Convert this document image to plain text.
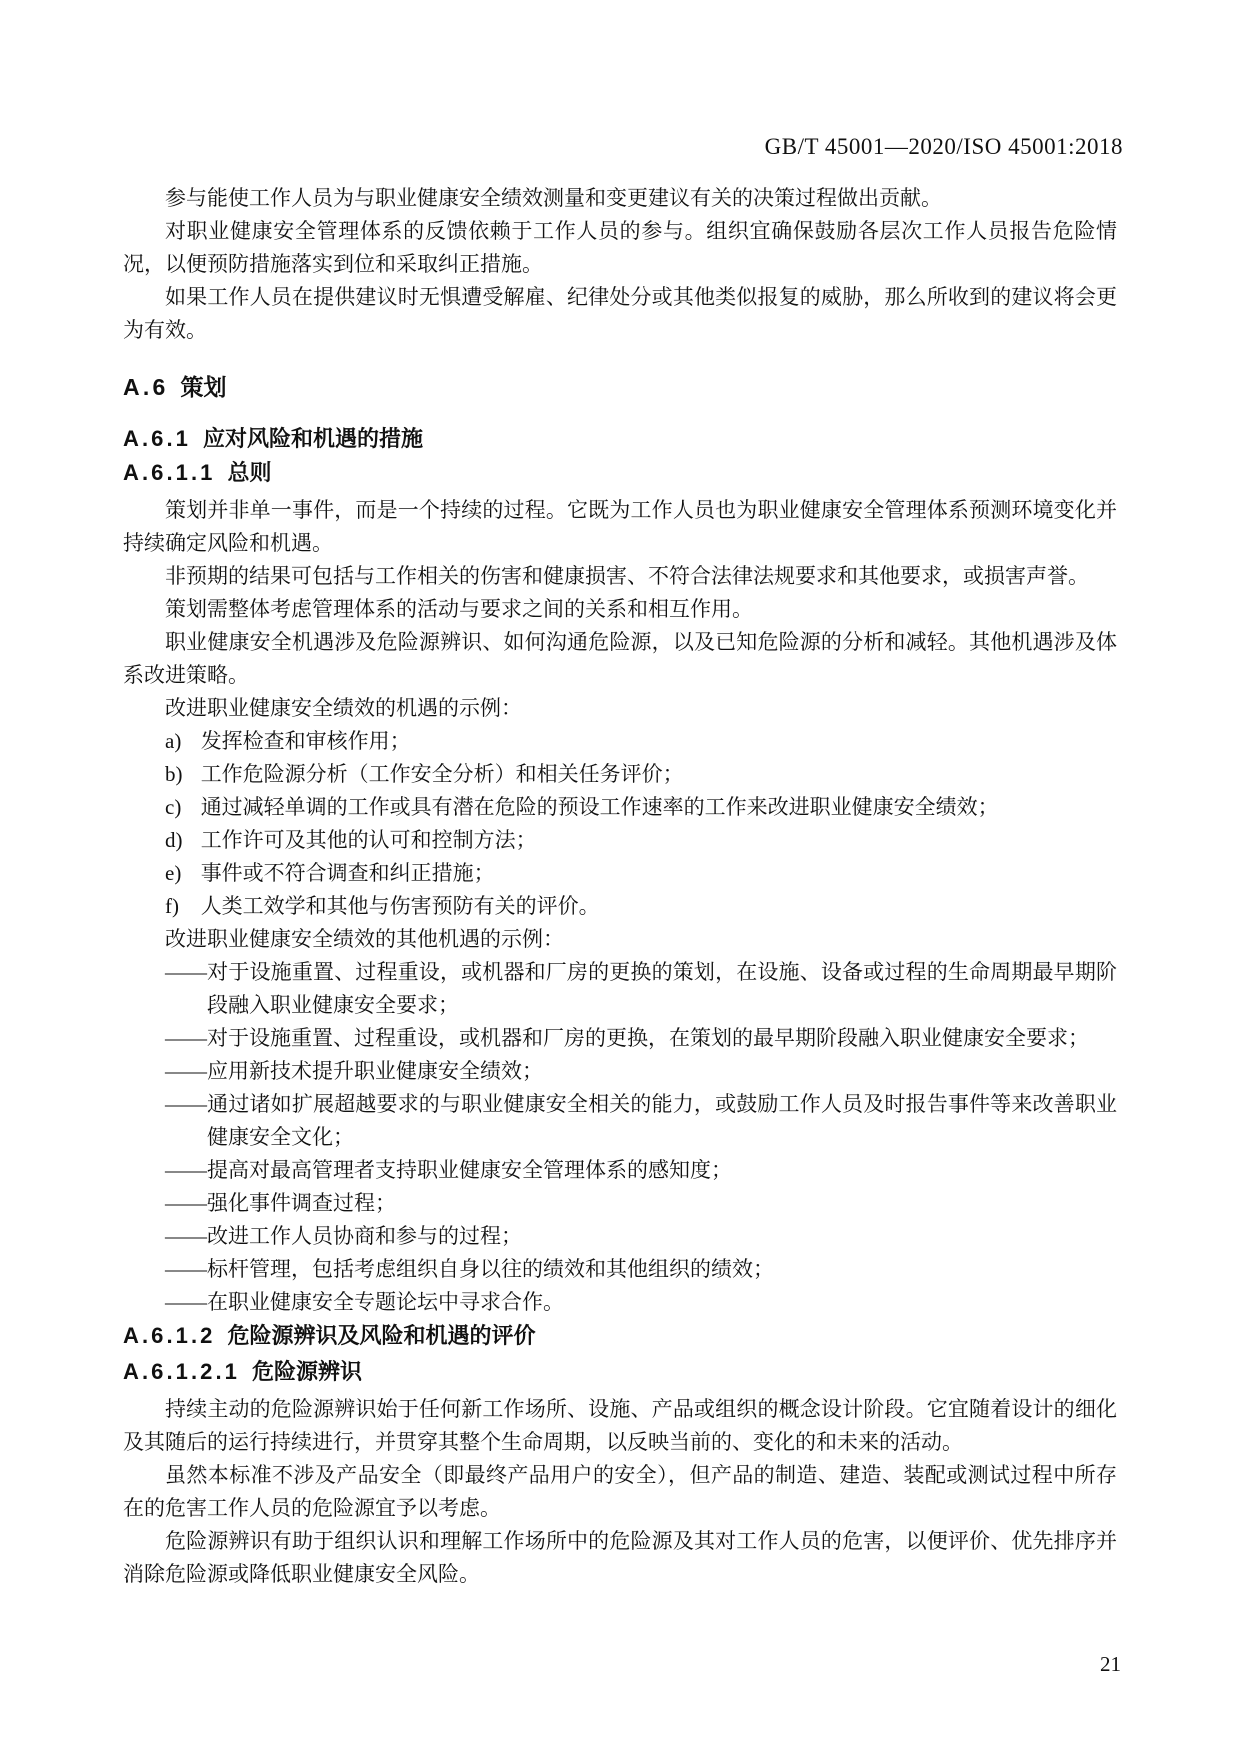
GB/T 45001—2020/ISO 45001:2018

参与能使工作人员为与职业健康安全绩效测量和变更建议有关的决策过程做出贡献。

对职业健康安全管理体系的反馈依赖于工作人员的参与。组织宜确保鼓励各层次工作人员报告危险情况，以便预防措施落实到位和采取纠正措施。

如果工作人员在提供建议时无惧遭受解雇、纪律处分或其他类似报复的威胁，那么所收到的建议将会更为有效。

A.6 策划
A.6.1 应对风险和机遇的措施
A.6.1.1 总则

策划并非单一事件，而是一个持续的过程。它既为工作人员也为职业健康安全管理体系预测环境变化并持续确定风险和机遇。

非预期的结果可包括与工作相关的伤害和健康损害、不符合法律法规要求和其他要求，或损害声誉。

策划需整体考虑管理体系的活动与要求之间的关系和相互作用。

职业健康安全机遇涉及危险源辨识、如何沟通危险源，以及已知危险源的分析和减轻。其他机遇涉及体系改进策略。

改进职业健康安全绩效的机遇的示例：

a) 发挥检查和审核作用；
b) 工作危险源分析（工作安全分析）和相关任务评价；
c) 通过减轻单调的工作或具有潜在危险的预设工作速率的工作来改进职业健康安全绩效；
d) 工作许可及其他的认可和控制方法；
e) 事件或不符合调查和纠正措施；
f) 人类工效学和其他与伤害预防有关的评价。

改进职业健康安全绩效的其他机遇的示例：

——对于设施重置、过程重设，或机器和厂房的更换的策划，在设施、设备或过程的生命周期最早期阶段融入职业健康安全要求；

——对于设施重置、过程重设，或机器和厂房的更换，在策划的最早期阶段融入职业健康安全要求；

——应用新技术提升职业健康安全绩效；

——通过诸如扩展超越要求的与职业健康安全相关的能力，或鼓励工作人员及时报告事件等来改善职业健康安全文化；

——提高对最高管理者支持职业健康安全管理体系的感知度；

——强化事件调查过程；

——改进工作人员协商和参与的过程；

——标杆管理，包括考虑组织自身以往的绩效和其他组织的绩效；

——在职业健康安全专题论坛中寻求合作。

A.6.1.2 危险源辨识及风险和机遇的评价
A.6.1.2.1 危险源辨识

持续主动的危险源辨识始于任何新工作场所、设施、产品或组织的概念设计阶段。它宜随着设计的细化及其随后的运行持续进行，并贯穿其整个生命周期，以反映当前的、变化的和未来的活动。

虽然本标准不涉及产品安全（即最终产品用户的安全），但产品的制造、建造、装配或测试过程中所存在的危害工作人员的危险源宜予以考虑。

危险源辨识有助于组织认识和理解工作场所中的危险源及其对工作人员的危害，以便评价、优先排序并消除危险源或降低职业健康安全风险。

21
